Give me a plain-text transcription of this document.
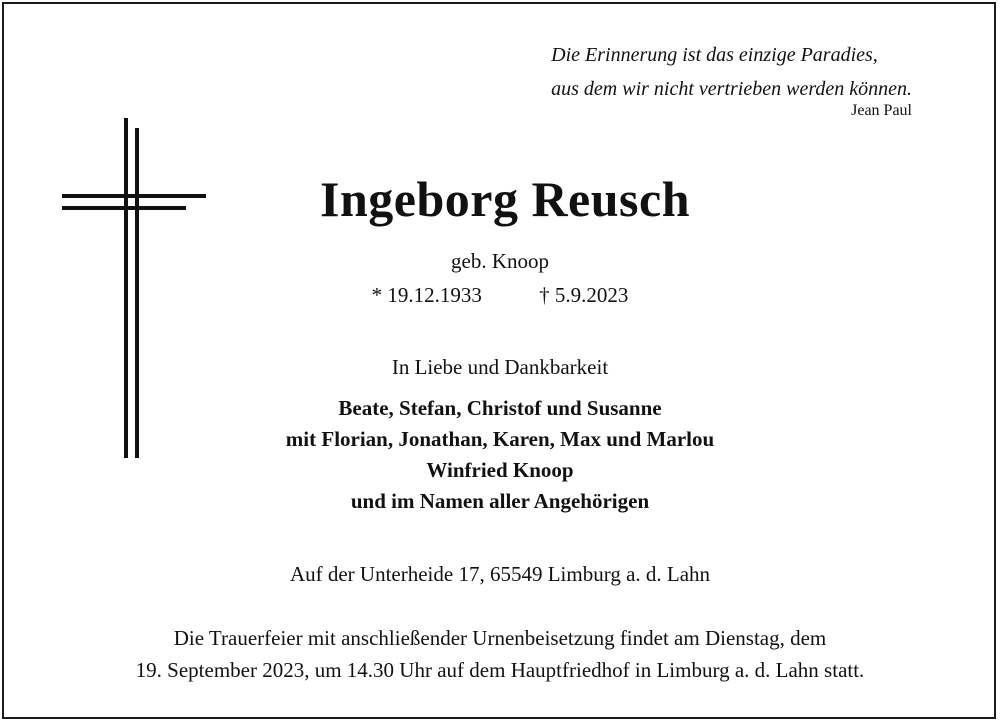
Die Erinnerung ist das einzige Paradies,

aus dem wir nicht vertrieben werden können.
Jean Paul
Ingeborg Reusch
geb. Knoop
* 19.12.1933	† 5.9.2023
In Liebe und Dankbarkeit
Beate, Stefan, Christof und Susanne
mit Florian, Jonathan, Karen, Max und Marlou
Winfried Knoop
und im Namen aller Angehörigen
Auf der Unterheide 17, 65549 Limburg a. d. Lahn
Die Trauerfeier mit anschließender Urnenbeisetzung findet am Dienstag, dem
19. September 2023, um 14.30 Uhr auf dem Hauptfriedhof in Limburg a. d. Lahn statt.
